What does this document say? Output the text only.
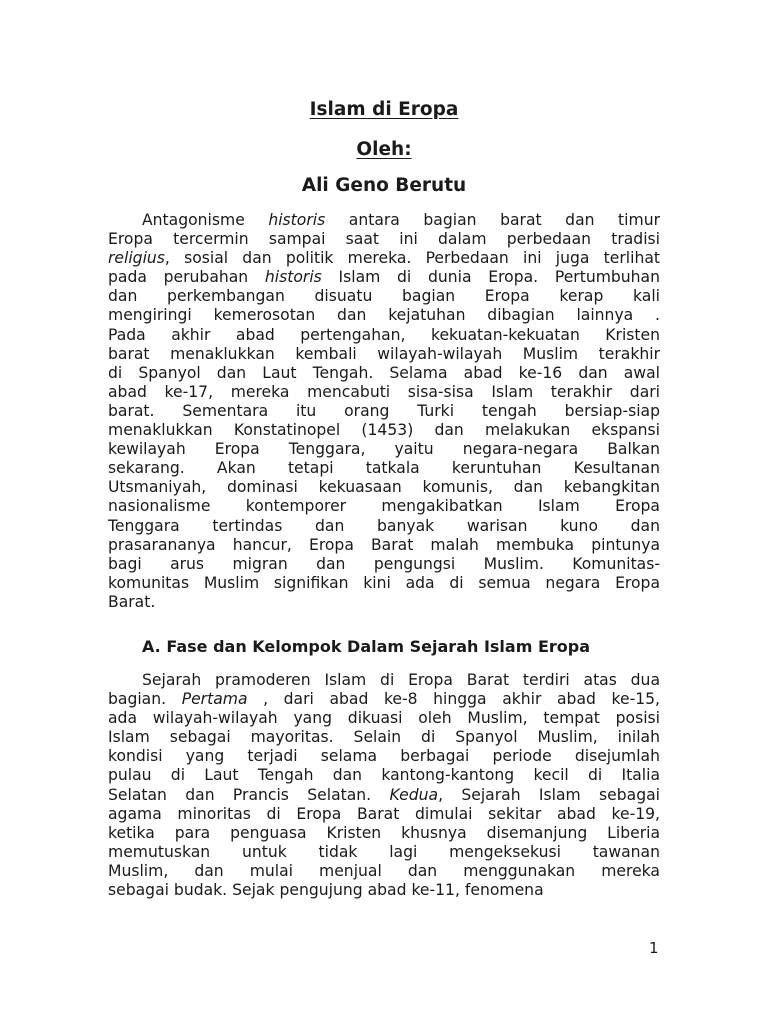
Islam di Eropa
Oleh:
Ali Geno Berutu
Antagonisme historis antara bagian barat dan timur
Eropa tercermin sampai saat ini dalam perbedaan tradisi
religius, sosial dan politik mereka. Perbedaan ini juga terlihat
pada perubahan historis Islam di dunia Eropa. Pertumbuhan
dan perkembangan disuatu bagian Eropa kerap kali
mengiringi kemerosotan dan kejatuhan dibagian lainnya .
Pada akhir abad pertengahan, kekuatan-kekuatan Kristen
barat menaklukkan kembali wilayah-wilayah Muslim terakhir
di Spanyol dan Laut Tengah. Selama abad ke-16 dan awal
abad ke-17, mereka mencabuti sisa-sisa Islam terakhir dari
barat. Sementara itu orang Turki tengah bersiap-siap
menaklukkan Konstatinopel (1453) dan melakukan ekspansi
kewilayah Eropa Tenggara, yaitu negara-negara Balkan
sekarang. Akan tetapi tatkala keruntuhan Kesultanan
Utsmaniyah, dominasi kekuasaan komunis, dan kebangkitan
nasionalisme kontemporer mengakibatkan Islam Eropa
Tenggara tertindas dan banyak warisan kuno dan
prasarananya hancur, Eropa Barat malah membuka pintunya
bagi arus migran dan pengungsi Muslim. Komunitas-
komunitas Muslim signifikan kini ada di semua negara Eropa
Barat.
A. Fase dan Kelompok Dalam Sejarah Islam Eropa
Sejarah pramoderen Islam di Eropa Barat terdiri atas dua
bagian. Pertama , dari abad ke-8 hingga akhir abad ke-15,
ada wilayah-wilayah yang dikuasi oleh Muslim, tempat posisi
Islam sebagai mayoritas. Selain di Spanyol Muslim, inilah
kondisi yang terjadi selama berbagai periode disejumlah
pulau di Laut Tengah dan kantong-kantong kecil di Italia
Selatan dan Prancis Selatan. Kedua, Sejarah Islam sebagai
agama minoritas di Eropa Barat dimulai sekitar abad ke-19,
ketika para penguasa Kristen khusnya disemanjung Liberia
memutuskan untuk tidak lagi mengeksekusi tawanan
Muslim, dan mulai menjual dan menggunakan mereka
sebagai budak. Sejak pengujung abad ke-11, fenomena
1
